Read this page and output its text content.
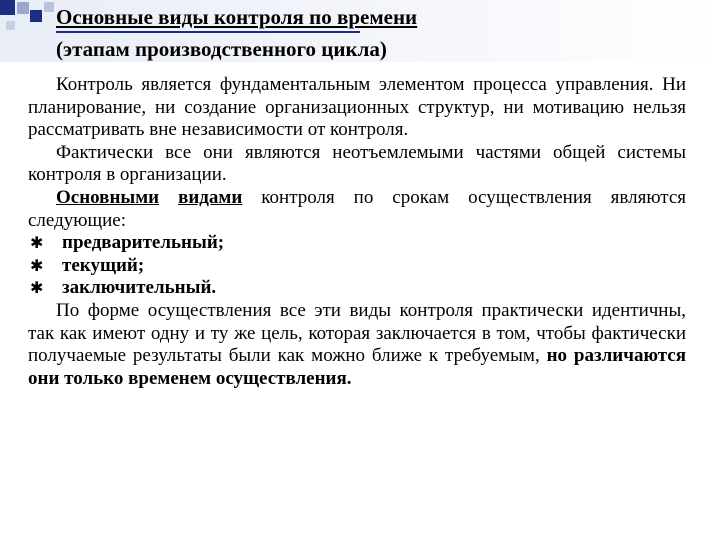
Основные виды контроля по времени
(этапам производственного цикла)

Контроль является фундаментальным элементом процесса управления. Ни планирование, ни создание организационных структур, ни мотивацию нельзя рассматривать вне независимости от контроля.

Фактически все они являются неотъемлемыми частями общей системы контроля в организации.

Основными видами контроля по срокам осуществления являются следующие:

✱ предварительный;
✱ текущий;
✱ заключительный.

По форме осуществления все эти виды контроля практически идентичны, так как имеют одну и ту же цель, которая заключается в том, чтобы фактически получаемые результаты были как можно ближе к требуемым, но различаются они только временем осуществления.
